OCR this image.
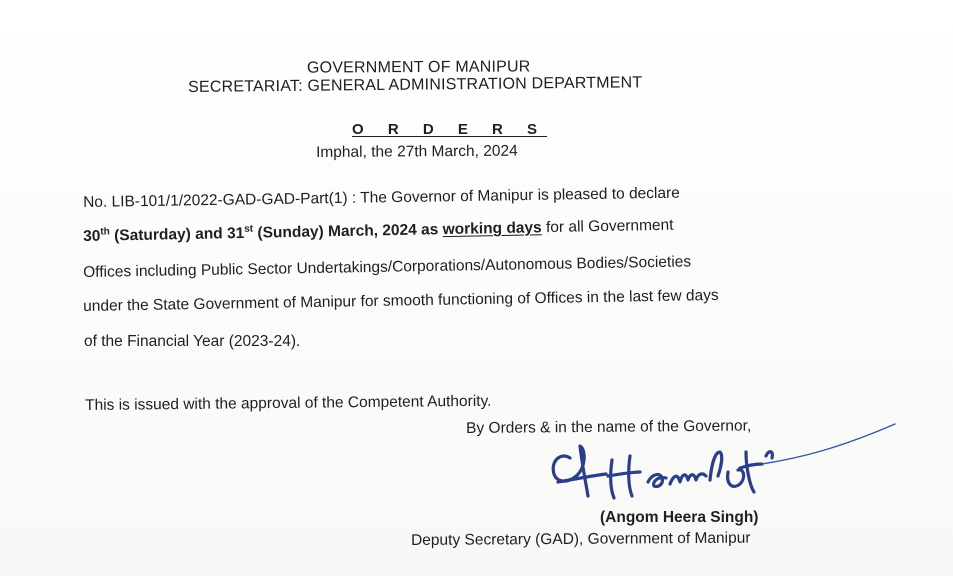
GOVERNMENT OF MANIPUR
SECRETARIAT: GENERAL ADMINISTRATION DEPARTMENT
O R D E R S
Imphal, the 27th March, 2024
No. LIB-101/1/2022-GAD-GAD-Part(1) : The Governor of Manipur is pleased to declare
30th (Saturday) and 31st (Sunday) March, 2024 as working days for all Government
Offices including Public Sector Undertakings/Corporations/Autonomous Bodies/Societies
under the State Government of Manipur for smooth functioning of Offices in the last few days
of the Financial Year (2023-24).
This is issued with the approval of the Competent Authority.
By Orders & in the name of the Governor,
(Angom Heera Singh)
Deputy Secretary (GAD), Government of Manipur
